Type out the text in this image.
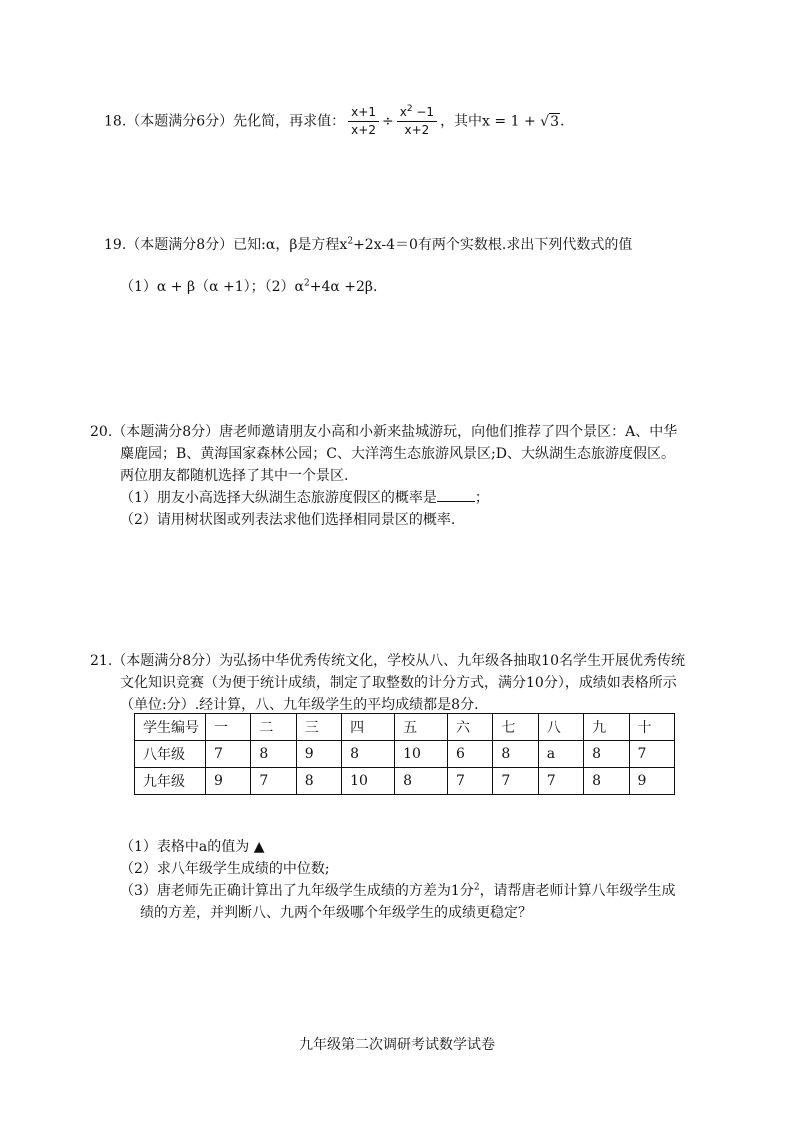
18.（本题满分6分）先化简，再求值： $\frac{x+1}{x+2} \div \frac{x^2 -1}{x+2}$ ，其中x = 1 + √3.
19.（本题满分8分）已知:α，β是方程$x^2+2x-4=0$有两个实数根.求出下列代数式的值
（1）α + β（α +1）；$(2)\alpha^2+4\alpha +2\beta$.
20.（本题满分8分）唐老师邀请朋友小高和小新来盐城游玩，向他们推荐了四个景区：A、中华
麋鹿园；B、黄海国家森林公园；C、大洋湾生态旅游风景区;D、大纵湖生态旅游度假区。
两位朋友都随机选择了其中一个景区.
（1）朋友小高选择大纵湖生态旅游度假区的概率是	；
（2）请用树状图或列表法求他们选择相同景区的概率.
21.（本题满分8分）为弘扬中华优秀传统文化，学校从八、九年级各抽取10名学生开展优秀传统
文化知识竞赛（为便于统计成绩，制定了取整数的计分方式，满分10分），成绩如表格所示
（单位:分）.经计算，八、九年级学生的平均成绩都是8分.
学生编号	一	二	三	四	五	六	七	八	九	十
八年级	7	8	9	8	10	6	8	a	8	7
九年级	9	7	8	10	8	7	7	7	8	9
（1）表格中a的值为 ▲
（2）求八年级学生成绩的中位数;
（3）唐老师先正确计算出了九年级学生成绩的方差为1分$^2$，请帮唐老师计算八年级学生成
绩的方差，并判断八、九两个年级哪个年级学生的成绩更稳定？
九年级第二次调研考试数学试卷
